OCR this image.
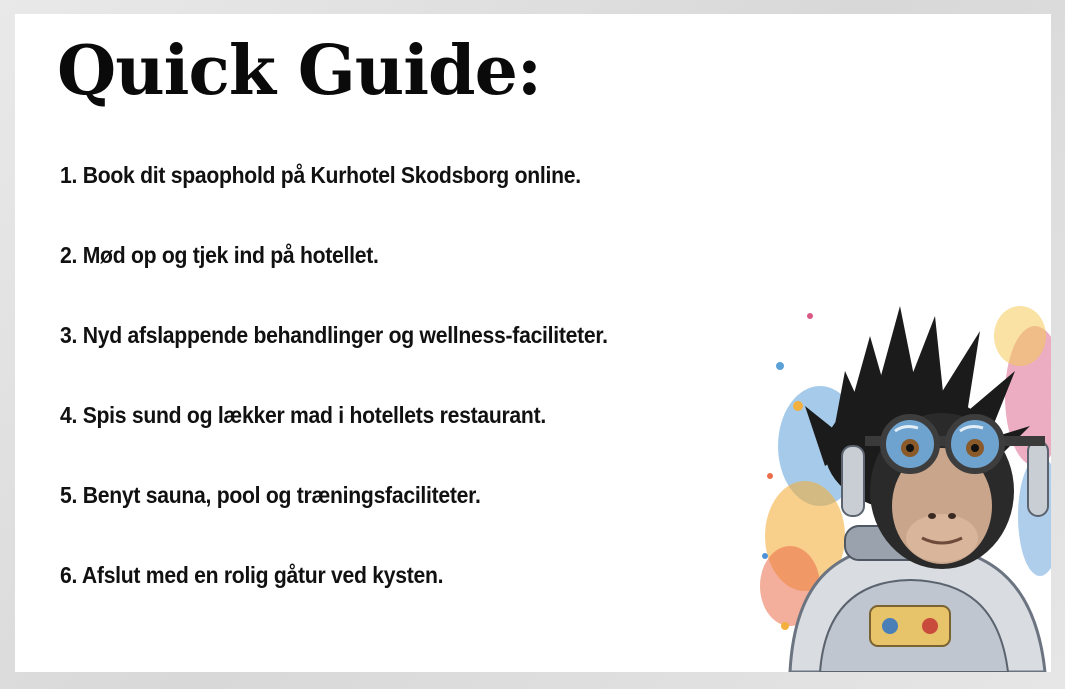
Quick Guide:
1. Book dit spaophold på Kurhotel Skodsborg online.
2. Mød op og tjek ind på hotellet.
3. Nyd afslappende behandlinger og wellness-faciliteter.
4. Spis sund og lækker mad i hotellets restaurant.
5. Benyt sauna, pool og træningsfaciliteter.
6. Afslut med en rolig gåtur ved kysten.
